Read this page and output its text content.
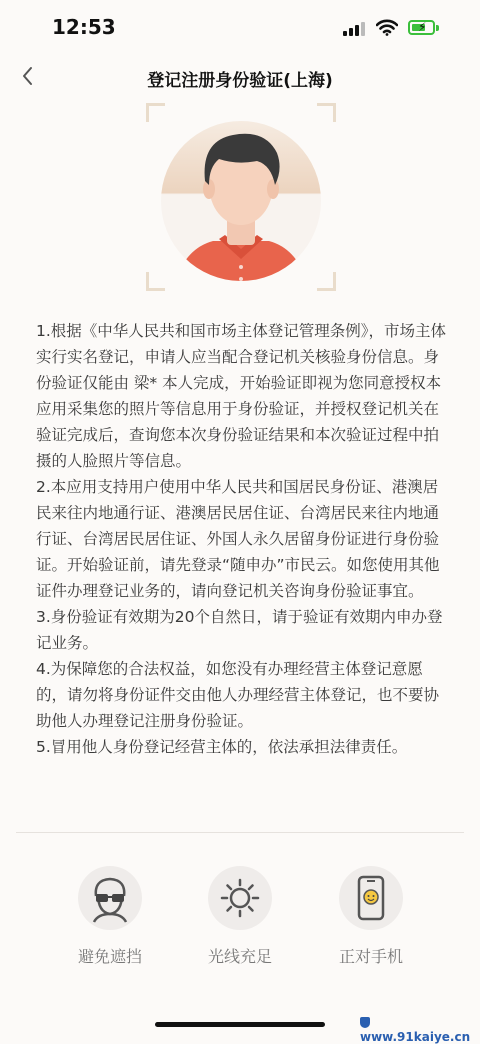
12:53	⚡
登记注册身份验证(上海)

1.根据《中华人民共和国市场主体登记管理条例》，市场主体实行实名登记，申请人应当配合登记机关核验身份信息。身份验证仅能由 梁* 本人完成，开始验证即视为您同意授权本应用采集您的照片等信息用于身份验证，并授权登记机关在验证完成后，查询您本次身份验证结果和本次验证过程中拍摄的人脸照片等信息。

2.本应用支持用户使用中华人民共和国居民身份证、港澳居民来往内地通行证、港澳居民居住证、台湾居民来往内地通行证、台湾居民居住证、外国人永久居留身份证进行身份验证。开始验证前，请先登录“随申办”市民云。如您使用其他证件办理登记业务的，请向登记机关咨询身份验证事宜。

3.身份验证有效期为20个自然日，请于验证有效期内申办登记业务。

4.为保障您的合法权益，如您没有办理经营主体登记意愿的，请勿将身份证件交由他人办理经营主体登记，也不要协助他人办理登记注册身份验证。

5.冒用他人身份登记经营主体的，依法承担法律责任。

避免遮挡	光线充足	正对手机
www.91kaiye.cn
